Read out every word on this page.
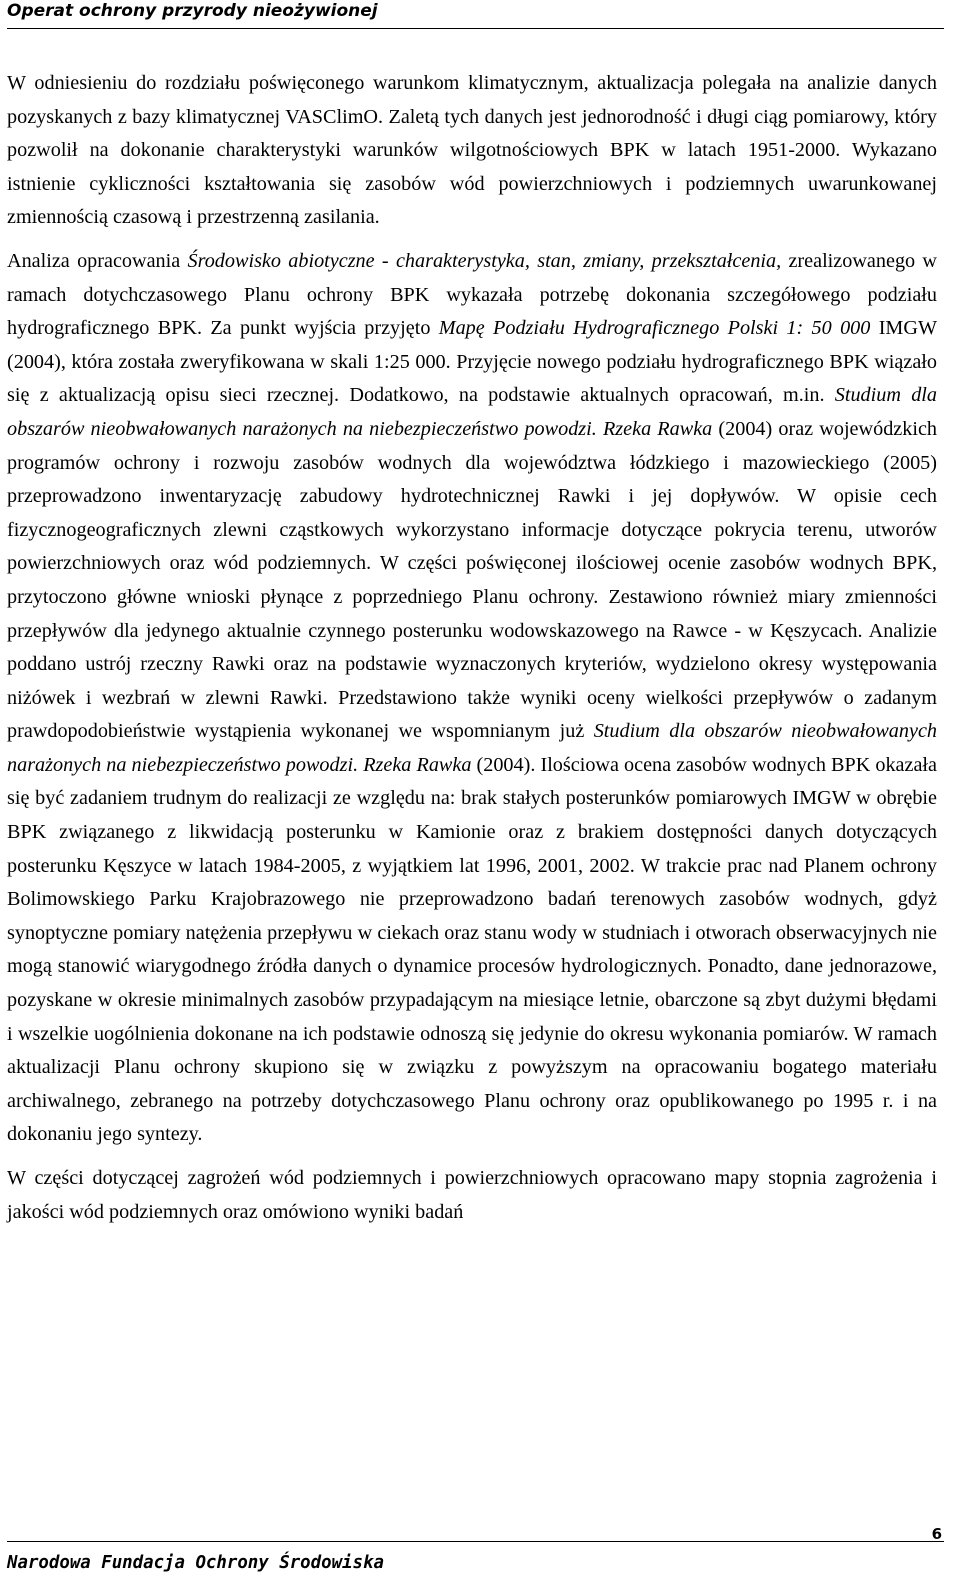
Operat ochrony przyrody nieożywionej

W odniesieniu do rozdziału poświęconego warunkom klimatycznym, aktualizacja polegała na analizie danych pozyskanych z bazy klimatycznej VASClimO. Zaletą tych danych jest jednorodność i długi ciąg pomiarowy, który pozwolił na dokonanie charakterystyki warunków wilgotnościowych BPK w latach 1951-2000. Wykazano istnienie cykliczności kształtowania się zasobów wód powierzchniowych i podziemnych uwarunkowanej zmiennością czasową i przestrzenną zasilania.

Analiza opracowania Środowisko abiotyczne - charakterystyka, stan, zmiany, przekształcenia, zrealizowanego w ramach dotychczasowego Planu ochrony BPK wykazała potrzebę dokonania szczegółowego podziału hydrograficznego BPK. Za punkt wyjścia przyjęto Mapę Podziału Hydrograficznego Polski 1: 50 000 IMGW (2004), która została zweryfikowana w skali 1:25 000. Przyjęcie nowego podziału hydrograficznego BPK wiązało się z aktualizacją opisu sieci rzecznej. Dodatkowo, na podstawie aktualnych opracowań, m.in. Studium dla obszarów nieobwałowanych narażonych na niebezpieczeństwo powodzi. Rzeka Rawka (2004) oraz wojewódzkich programów ochrony i rozwoju zasobów wodnych dla województwa łódzkiego i mazowieckiego (2005) przeprowadzono inwentaryzację zabudowy hydrotechnicznej Rawki i jej dopływów. W opisie cech fizycznogeograficznych zlewni cząstkowych wykorzystano informacje dotyczące pokrycia terenu, utworów powierzchniowych oraz wód podziemnych. W części poświęconej ilościowej ocenie zasobów wodnych BPK, przytoczono główne wnioski płynące z poprzedniego Planu ochrony. Zestawiono również miary zmienności przepływów dla jedynego aktualnie czynnego posterunku wodowskazowego na Rawce - w Kęszycach. Analizie poddano ustrój rzeczny Rawki oraz na podstawie wyznaczonych kryteriów, wydzielono okresy występowania niżówek i wezbrań w zlewni Rawki. Przedstawiono także wyniki oceny wielkości przepływów o zadanym prawdopodobieństwie wystąpienia wykonanej we wspomnianym już Studium dla obszarów nieobwałowanych narażonych na niebezpieczeństwo powodzi. Rzeka Rawka (2004). Ilościowa ocena zasobów wodnych BPK okazała się być zadaniem trudnym do realizacji ze względu na: brak stałych posterunków pomiarowych IMGW w obrębie BPK związanego z likwidacją posterunku w Kamionie oraz z brakiem dostępności danych dotyczących posterunku Kęszyce w latach 1984-2005, z wyjątkiem lat 1996, 2001, 2002. W trakcie prac nad Planem ochrony Bolimowskiego Parku Krajobrazowego nie przeprowadzono badań terenowych zasobów wodnych, gdyż synoptyczne pomiary natężenia przepływu w ciekach oraz stanu wody w studniach i otworach obserwacyjnych nie mogą stanowić wiarygodnego źródła danych o dynamice procesów hydrologicznych. Ponadto, dane jednorazowe, pozyskane w okresie minimalnych zasobów przypadającym na miesiące letnie, obarczone są zbyt dużymi błędami i wszelkie uogólnienia dokonane na ich podstawie odnoszą się jedynie do okresu wykonania pomiarów. W ramach aktualizacji Planu ochrony skupiono się w związku z powyższym na opracowaniu bogatego materiału archiwalnego, zebranego na potrzeby dotychczasowego Planu ochrony oraz opublikowanego po 1995 r. i na dokonaniu jego syntezy.

W części dotyczącej zagrożeń wód podziemnych i powierzchniowych opracowano mapy stopnia zagrożenia i jakości wód podziemnych oraz omówiono wyniki badań

6
Narodowa Fundacja Ochrony Środowiska
